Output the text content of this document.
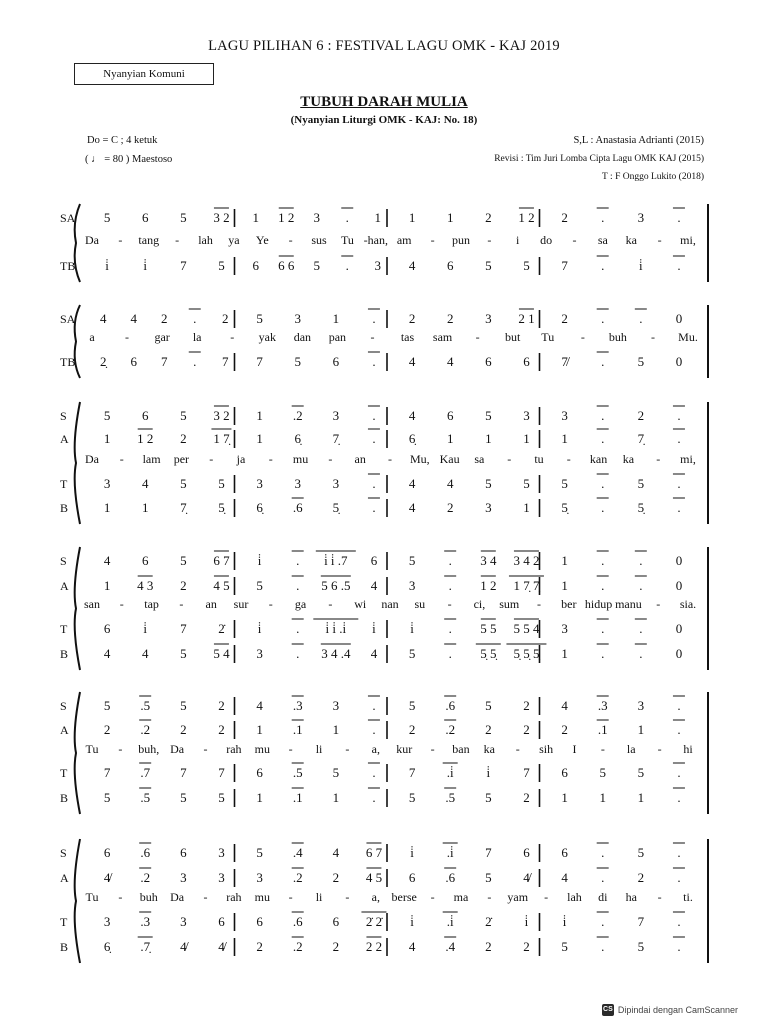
LAGU PILIHAN 6 : FESTIVAL LAGU OMK - KAJ 2019
Nyanyian Komuni
TUBUH DARAH MULIA
(Nyanyian Liturgi OMK - KAJ: No. 18)
Do = C ; 4 ketuk
( ♩ = 80 ) Maestoso
S,L : Anastasia Adrianti (2015)
Revisi : Tim Juri Lomba Cipta Lagu OMK KAJ (2015)
T : F Onggo Lukito (2018)
SA 5 6 5 3 2 1 1 2 3 . 1 1 1 2 1 2 2	.	3	.
Da - tang - lah ya Ye - sus Tu -han, am - pun - i do - sa ka - mi,
TB i̇	i̇	7 5 6 6 6 5 . 3 4 6 5 5 7	.	i̇	.
SA 4 4 2 . 2 5 3 1	.	2 2 3 2 1 2	.	.	0
a	- gar la - yak dan pan - tas sam - but Tu - buh - Mu.
TB 2̣ 6 7 . 7 7 5 6	.	4 4 6 6 7̸	.	5 0
S	5 6 5 3 2 1 .2 3	.	4 6 5 3 3	.	2	.
A	1 1 2 2 1 7̣ 1 6̣ 7̣	.	6̣ 1 1 1 1	.	7̣	.
Da - lam per - ja - mu - an - Mu, Kau sa - tu - kan ka - mi,
T	3 4 5 5 3 3 3	.	4 4 5 5 5	.	5	.
B	1 1 7̣ 5̣ 6̣ .6 5̣	.	4 2 3 1 5̣	.	5̣	.
S	4 6 5 6 7 i̇	. i̇ i̇ .7 6 5	. 3 4 3 4 2 1	.	.	0
A	1 4 3 2 4 5 5	. 5 6 .5 4 3	. 1 2 1 7̣ 7̣ 1	.	.	0
san - tap - an sur - ga - wi nan su - ci, sum - ber hidup manu - sia.
T	6	i̇	7 2̇	i̇	. i̇ i̇ .i̇ i̇	i̇	. 5 5 5 5 4 3	.	.	0
B	4 4 5 5 4 3	. 3 4 .4 4 5	. 5̣ 5̣ 5̣ 5̣ 5̣ 1	.	.	0
S	5 .5 5 2 4 .3 3	.	5 .6 5 2 4 .3 3	.
A	2 .2 2 2 1 .1 1	.	2 .2 2 2 2 .1 1	.
Tu - buh, Da - rah mu - li - a, kur - ban ka - sih I - la - hi
T	7 .7 7 7 6 .5 5	.	7 .i̇	i̇	7 6 5 5	.
B	5 .5 5 5 1 .1 1	.	5 .5 5 2 1 1 1	.
S	6 .6 6 3 5 .4 4 6 7 i̇	.i̇ 7 6 6	.	5	.
A	4̸ .2 3 3 3 .2 2 4 5 6 .6 5 4̸ 4	.	2	.
Tu - buh Da - rah mu - li - a, berse - ma - yam - lah di ha - ti.
T	3 .3 3 6 6 .6 6 2̇ 2̇ i̇	.i̇ 2̇	i̇	i̇	.	7	.
B	6̣ .7̣ 4̸ 4̸ 2 .2 2 2 2 4 .4 2 2 5	.	5	.
CS Dipindai dengan CamScanner
